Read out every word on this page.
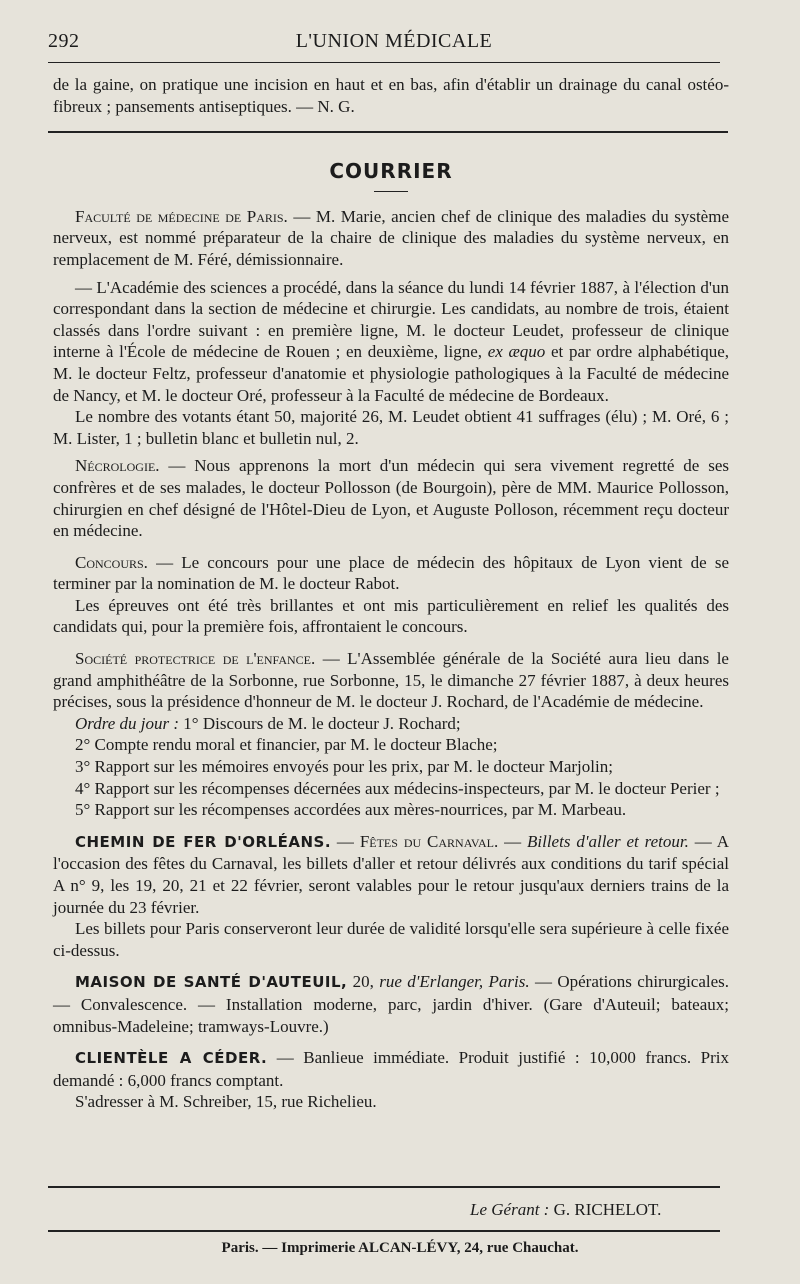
292	L'UNION MÉDICALE

de la gaine, on pratique une incision en haut et en bas, afin d'établir un drainage du canal ostéo-fibreux ; pansements antiseptiques. — N. G.

COURRIER

Faculté de médecine de Paris. — M. Marie, ancien chef de clinique des maladies du système nerveux, est nommé préparateur de la chaire de clinique des maladies du système nerveux, en remplacement de M. Féré, démissionnaire.

— L'Académie des sciences a procédé, dans la séance du lundi 14 février 1887, à l'élection d'un correspondant dans la section de médecine et chirurgie. Les candidats, au nombre de trois, étaient classés dans l'ordre suivant : en première ligne, M. le docteur Leudet, professeur de clinique interne à l'École de médecine de Rouen ; en deuxième, ligne, ex æquo et par ordre alphabétique, M. le docteur Feltz, professeur d'anatomie et physiologie pathologiques à la Faculté de médecine de Nancy, et M. le docteur Oré, professeur à la Faculté de médecine de Bordeaux.

Le nombre des votants étant 50, majorité 26, M. Leudet obtient 41 suffrages (élu) ; M. Oré, 6 ; M. Lister, 1 ; bulletin blanc et bulletin nul, 2.

Nécrologie. — Nous apprenons la mort d'un médecin qui sera vivement regretté de ses confrères et de ses malades, le docteur Pollosson (de Bourgoin), père de MM. Maurice Pollosson, chirurgien en chef désigné de l'Hôtel-Dieu de Lyon, et Auguste Polloson, récemment reçu docteur en médecine.

Concours. — Le concours pour une place de médecin des hôpitaux de Lyon vient de se terminer par la nomination de M. le docteur Rabot.

Les épreuves ont été très brillantes et ont mis particulièrement en relief les qualités des candidats qui, pour la première fois, affrontaient le concours.

Société protectrice de l'enfance. — L'Assemblée générale de la Société aura lieu dans le grand amphithéâtre de la Sorbonne, rue Sorbonne, 15, le dimanche 27 février 1887, à deux heures précises, sous la présidence d'honneur de M. le docteur J. Rochard, de l'Académie de médecine.

Ordre du jour : 1° Discours de M. le docteur J. Rochard;

2° Compte rendu moral et financier, par M. le docteur Blache;

3° Rapport sur les mémoires envoyés pour les prix, par M. le docteur Marjolin;

4° Rapport sur les récompenses décernées aux médecins-inspecteurs, par M. le docteur Perier ;

5° Rapport sur les récompenses accordées aux mères-nourrices, par M. Marbeau.

CHEMIN DE FER D'ORLÉANS. — Fêtes du Carnaval. — Billets d'aller et retour. — A l'occasion des fêtes du Carnaval, les billets d'aller et retour délivrés aux conditions du tarif spécial A n° 9, les 19, 20, 21 et 22 février, seront valables pour le retour jusqu'aux derniers trains de la journée du 23 février.

Les billets pour Paris conserveront leur durée de validité lorsqu'elle sera supérieure à celle fixée ci-dessus.

MAISON DE SANTÉ D'AUTEUIL, 20, rue d'Erlanger, Paris. — Opérations chirurgicales. — Convalescence. — Installation moderne, parc, jardin d'hiver. (Gare d'Auteuil; bateaux; omnibus-Madeleine; tramways-Louvre.)

CLIENTÈLE A CÉDER. — Banlieue immédiate. Produit justifié : 10,000 francs. Prix demandé : 6,000 francs comptant.

S'adresser à M. Schreiber, 15, rue Richelieu.

Le Gérant : G. RICHELOT.
Paris. — Imprimerie ALCAN-LÉVY, 24, rue Chauchat.
